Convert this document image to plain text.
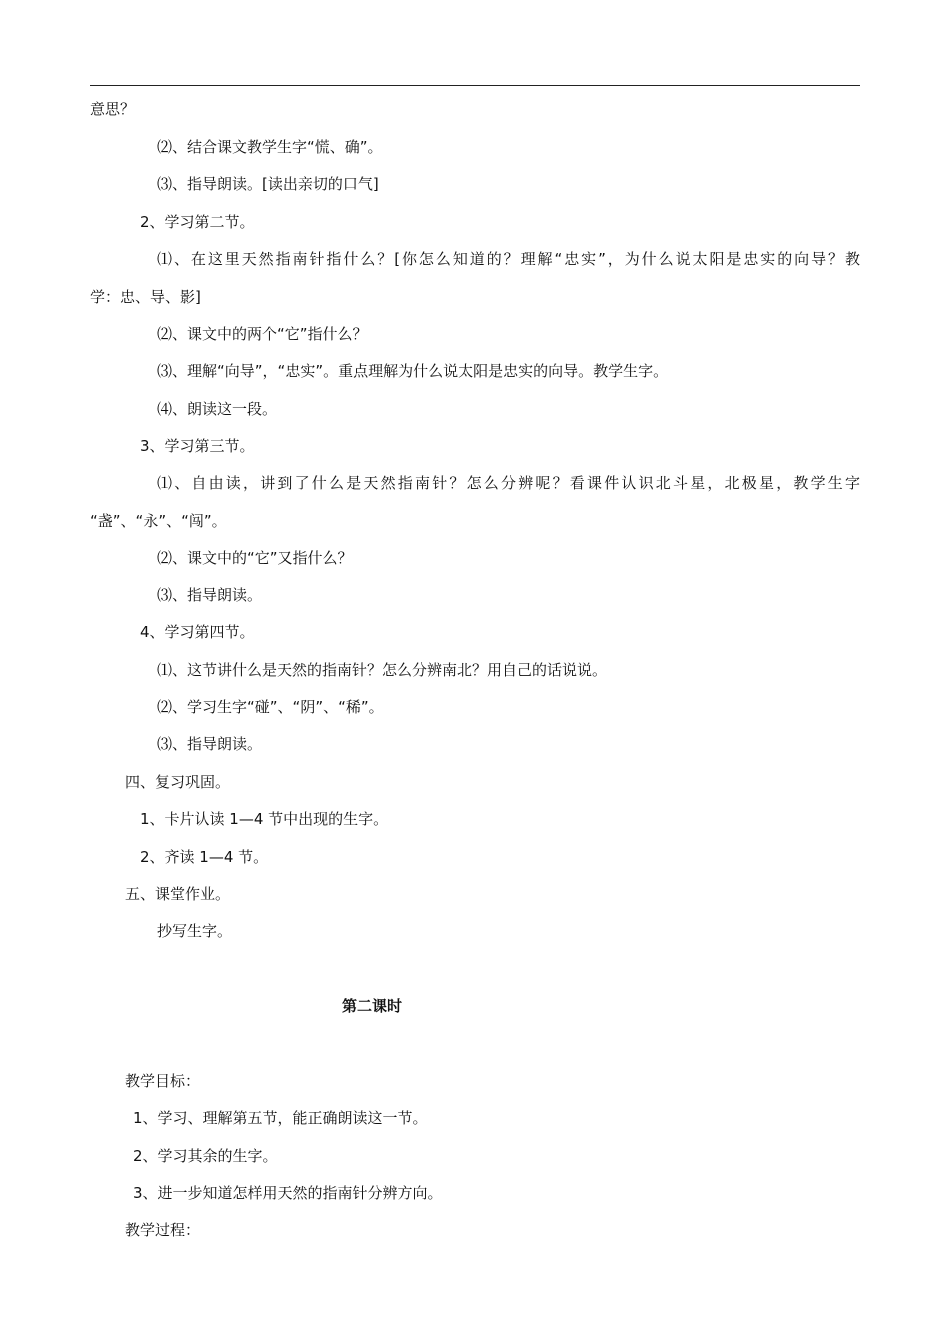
意思？
⑵、结合课文教学生字“慌、确”。
⑶、指导朗读。[读出亲切的口气]
2、学习第二节。
⑴、在这里天然指南针指什么？[你怎么知道的？理解“忠实”，为什么说太阳是忠实的向导？教
学：忠、导、影]
⑵、课文中的两个“它”指什么？
⑶、理解“向导”，“忠实”。重点理解为什么说太阳是忠实的向导。教学生字。
⑷、朗读这一段。
3、学习第三节。
⑴、自由读，讲到了什么是天然指南针？怎么分辨呢？看课件认识北斗星，北极星，教学生字
“盏”、“永”、“闯”。
⑵、课文中的“它”又指什么？
⑶、指导朗读。
4、学习第四节。
⑴、这节讲什么是天然的指南针？怎么分辨南北？用自己的话说说。
⑵、学习生字“碰”、“阴”、“稀”。
⑶、指导朗读。
四、复习巩固。
1、卡片认读 1—4 节中出现的生字。
2、齐读 1—4 节。
五、课堂作业。
抄写生字。
第二课时
教学目标：
1、学习、理解第五节，能正确朗读这一节。
2、学习其余的生字。
3、进一步知道怎样用天然的指南针分辨方向。
教学过程：
